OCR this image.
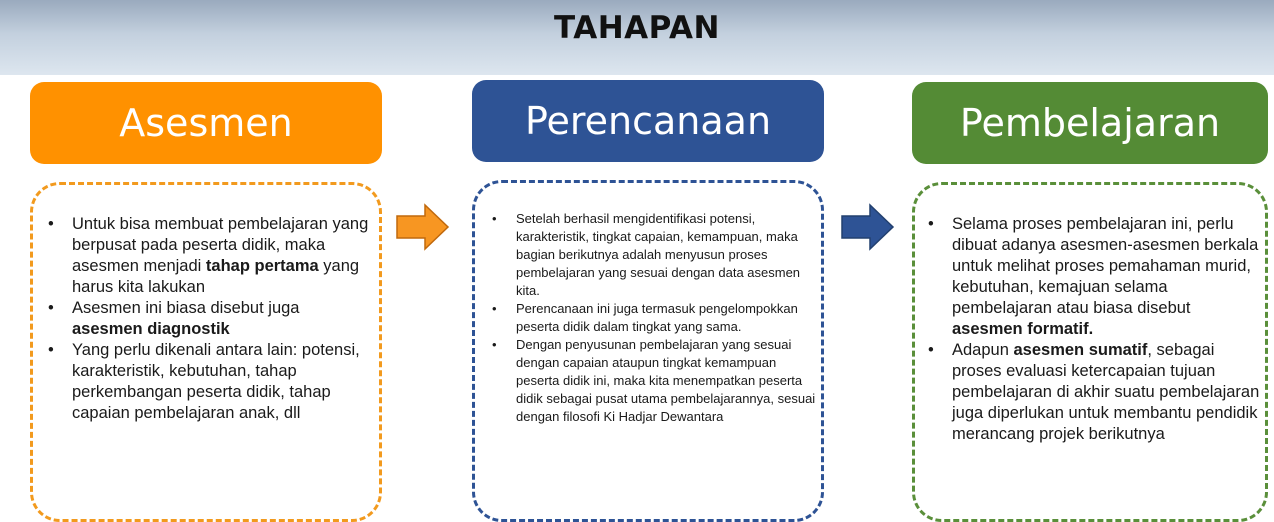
TAHAPAN
Asesmen	Perencanaan	Pembelajaran
• Untuk bisa membuat pembelajaran yang berpusat pada peserta didik, maka asesmen menjadi tahap pertama yang harus kita lakukan
• Asesmen ini biasa disebut juga asesmen diagnostik
• Yang perlu dikenali antara lain: potensi, karakteristik, kebutuhan, tahap perkembangan peserta didik, tahap capaian pembelajaran anak, dll
• Setelah berhasil mengidentifikasi potensi, karakteristik, tingkat capaian, kemampuan, maka bagian berikutnya adalah menyusun proses pembelajaran yang sesuai dengan data asesmen kita.
• Perencanaan ini juga termasuk pengelompokkan peserta didik dalam tingkat yang sama.
• Dengan penyusunan pembelajaran yang sesuai dengan capaian ataupun tingkat kemampuan peserta didik ini, maka kita menempatkan peserta didik sebagai pusat utama pembelajarannya, sesuai dengan filosofi Ki Hadjar Dewantara
• Selama proses pembelajaran ini, perlu dibuat adanya asesmen-asesmen berkala untuk melihat proses pemahaman murid, kebutuhan, kemajuan selama pembelajaran atau biasa disebut asesmen formatif.
• Adapun asesmen sumatif, sebagai proses evaluasi ketercapaian tujuan pembelajaran di akhir suatu pembelajaran juga diperlukan untuk membantu pendidik merancang projek berikutnya
